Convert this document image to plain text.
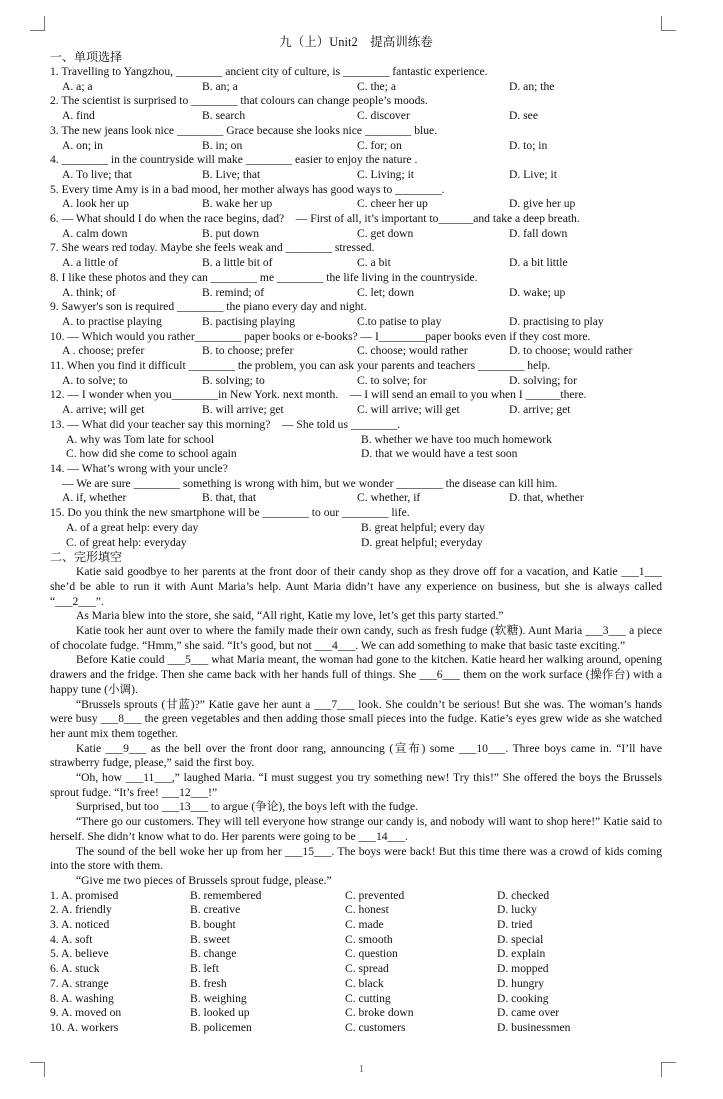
九（上）Unit2　提高训练卷
一、单项选择
1. Travelling to Yangzhou, ________ ancient city of culture, is ________ fantastic experience.
A. a; a	B. an; a	C. the; a	D. an; the
2. The scientist is surprised to ________ that colours can change people’s moods.
A. find	B. search	C. discover	D. see
3. The new jeans look nice ________ Grace because she looks nice ________ blue.
A. on; in	B. in; on	C. for; on	D. to; in
4. ________ in the countryside will make ________ easier to enjoy the nature .
A. To live; that	B. Live; that	C. Living; it	D. Live; it
5. Every time Amy is in a bad mood, her mother always has good ways to ________.
A. look her up	B. wake her up	C. cheer her up	D. give her up
6. — What should I do when the race begins, dad?　— First of all, it’s important to______and take a deep breath.
A. calm down	B. put down	C. get down	D. fall down
7. She wears red today. Maybe she feels weak and ________ stressed.
A. a little of	B. a little bit of	C. a bit	D. a bit little
8. I like these photos and they can ________ me ________ the life living in the countryside.
A. think; of	B. remind; of	C. let; down	D. wake; up
9. Sawyer's son is required ________ the piano every day and night.
A. to practise playing	B. pactising playing	C.to patise to play	D. practising to play
10. — Which would you rather________ paper books or e-books? — I________paper books even if they cost more.
A . choose; prefer	B. to choose; prefer	C. choose; would rather	D. to choose; would rather
11. When you find it difficult ________ the problem, you can ask your parents and teachers ________ help.
A. to solve; to	B. solving; to	C. to solve; for	D. solving; for
12. — I wonder when you________in New York. next month.　— I will send an email to you when I ______there.
A. arrive; will get	B. will arrive; get	C. will arrive; will get	D. arrive; get
13. — What did your teacher say this morning?　— She told us ________.
A. why was Tom late for school	B. whether we have too much homework
C. how did she come to school again	D. that we would have a test soon
14. — What’s wrong with your uncle?
— We are sure ________ something is wrong with him, but we wonder ________ the disease can kill him.
A. if, whether	B. that, that	C. whether, if	D. that, whether
15. Do you think the new smartphone will be ________ to our ________ life.
A. of a great help: every day	B. great helpful; every day
C. of great help: everyday	D. great helpful; everyday
二、完形填空
Katie said goodbye to her parents at the front door of their candy shop as they drove off for a vacation, and Katie ___1___ she’d be able to run it with Aunt Maria’s help. Aunt Maria didn’t have any experience on business, but she is always called “___2___”.
As Maria blew into the store, she said, “All right, Katie my love, let’s get this party started.”
Katie took her aunt over to where the family made their own candy, such as fresh fudge (软糖). Aunt Maria ___3___ a piece of chocolate fudge. “Hmm,” she said. “It’s good, but not ___4___. We can add something to make that basic taste exciting.”
Before Katie could ___5___ what Maria meant, the woman had gone to the kitchen. Katie heard her walking around, opening drawers and the fridge. Then she came back with her hands full of things. She ___6___ them on the work surface (操作台) with a happy tune (小调).
“Brussels sprouts (甘蓝)?” Katie gave her aunt a ___7___ look. She couldn’t be serious! But she was. The woman’s hands were busy ___8___ the green vegetables and then adding those small pieces into the fudge. Katie’s eyes grew wide as she watched her aunt mix them together.
Katie ___9___ as the bell over the front door rang, announcing (宣布) some ___10___. Three boys came in. “I’ll have strawberry fudge, please,” said the first boy.
“Oh, how ___11___,” laughed Maria. “I must suggest you try something new! Try this!” She offered the boys the Brussels sprout fudge. “It’s free! ___12___!”
Surprised, but too ___13___ to argue (争论), the boys left with the fudge.
“There go our customers. They will tell everyone how strange our candy is, and nobody will want to shop here!” Katie said to herself. She didn’t know what to do. Her parents were going to be ___14___.
The sound of the bell woke her up from her ___15___. The boys were back! But this time there was a crowd of kids coming into the store with them.
“Give me two pieces of Brussels sprout fudge, please.”
1. A. promised	B. remembered	C. prevented	D. checked
2. A. friendly	B. creative	C. honest	D. lucky
3. A. noticed	B. bought	C. made	D. tried
4. A. soft	B. sweet	C. smooth	D. special
5. A. believe	B. change	C. question	D. explain
6. A. stuck	B. left	C. spread	D. mopped
7. A. strange	B. fresh	C. black	D. hungry
8. A. washing	B. weighing	C. cutting	D. cooking
9. A. moved on	B. looked up	C. broke down	D. came over
10. A. workers	B. policemen	C. customers	D. businessmen
1
